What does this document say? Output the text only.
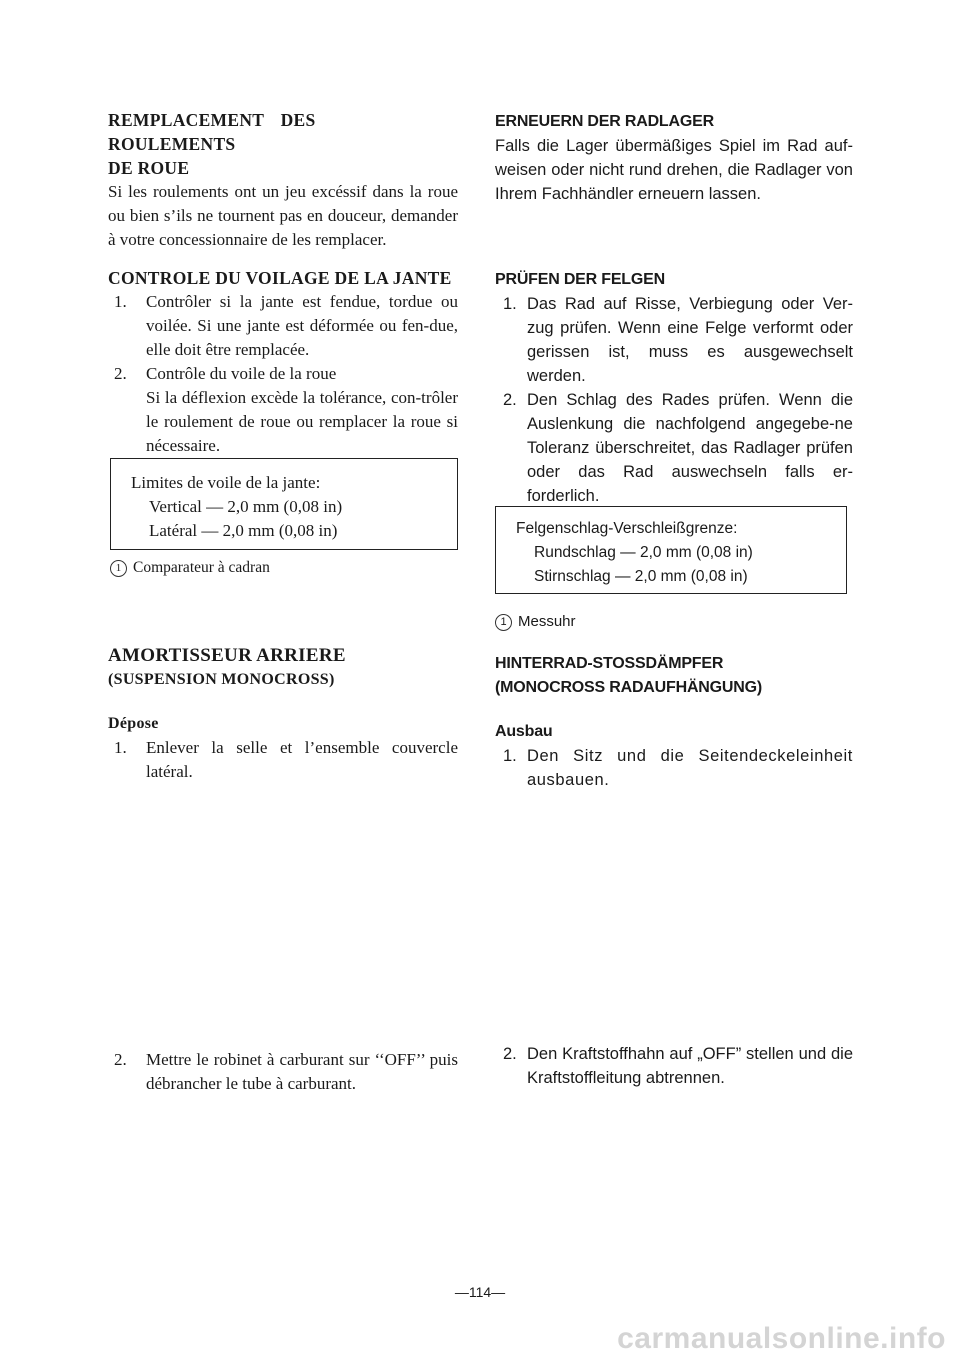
REMPLACEMENT DES ROULEMENTS

DE ROUE

Si les roulements ont un jeu excéssif dans la roue ou bien s’ils ne tournent pas en douceur, demander à votre concessionnaire de les remplacer.

CONTROLE DU VOILAGE DE LA JANTE

1. Contrôler si la jante est fendue, tordue ou voilée. Si une jante est déformée ou fen-due, elle doit être remplacée.

2. Contrôle du voile de la roue

Si la déflexion excède la tolérance, con-trôler le roulement de roue ou remplacer la roue si nécessaire.

Limites de voile de la jante:
Vertical — 2,0 mm (0,08 in)
Latéral — 2,0 mm (0,08 in)
1 Comparateur à cadran

AMORTISSEUR ARRIERE

(SUSPENSION MONOCROSS)

Dépose

1. Enlever la selle et l’ensemble couvercle latéral.

2. Mettre le robinet à carburant sur ‘‘OFF’’ puis débrancher le tube à carburant.

ERNEUERN DER RADLAGER

Falls die Lager übermäßiges Spiel im Rad auf-weisen oder nicht rund drehen, die Radlager von Ihrem Fachhändler erneuern lassen.

PRÜFEN DER FELGEN

1. Das Rad auf Risse, Verbiegung oder Ver-zug prüfen. Wenn eine Felge verformt oder gerissen ist, muss es ausgewechselt werden.

2. Den Schlag des Rades prüfen. Wenn die Auslenkung die nachfolgend angegebe-ne Toleranz überschreitet, das Radlager prüfen oder das Rad auswechseln falls er-forderlich.

Felgenschlag-Verschleißgrenze:
Rundschlag — 2,0 mm (0,08 in)
Stirnschlag — 2,0 mm (0,08 in)
1 Messuhr

HINTERRAD-STOSSDÄMPFER

(MONOCROSS RADAUFHÄNGUNG)

Ausbau

1. Den Sitz und die Seitendeckeleinheit ausbauen.

2. Den Kraftstoffhahn auf „OFF” stellen und die Kraftstoffleitung abtrennen.

—114—
carmanualsonline.info
